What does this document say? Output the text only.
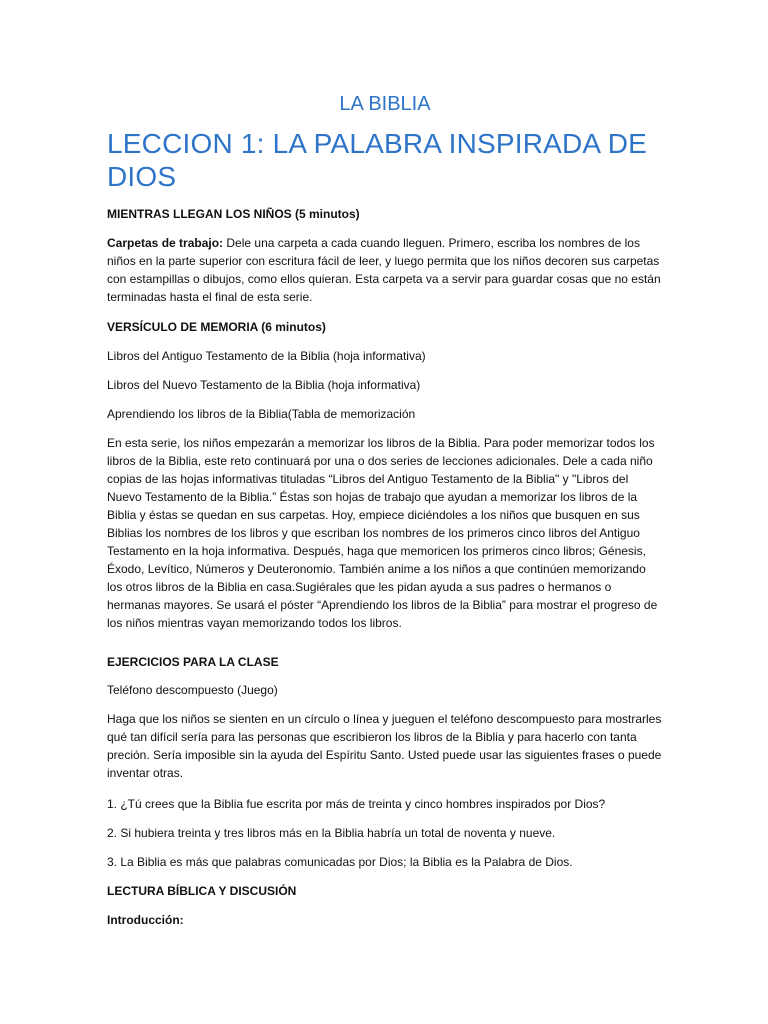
LA BIBLIA
LECCION 1: LA PALABRA INSPIRADA DE DIOS

MIENTRAS LLEGAN LOS NIÑOS (5 minutos)

Carpetas de trabajo: Dele una carpeta a cada cuando lleguen. Primero, escriba los nombres de los niños en la parte superior con escritura fácil de leer, y luego permita que los niños decoren sus carpetas con estampillas o dibujos, como ellos quieran. Esta carpeta va a servir para guardar cosas que no están terminadas hasta el final de esta serie.

VERSÍCULO DE MEMORIA (6 minutos)

Libros del Antiguo Testamento de la Biblia (hoja informativa)

Libros del Nuevo Testamento de la Biblia (hoja informativa)

Aprendiendo los libros de la Biblia(Tabla de memorización

En esta serie, los niños empezarán a memorizar los libros de la Biblia. Para poder memorizar todos los libros de la Biblia, este reto continuará por una o dos series de lecciones adicionales. Dele a cada niño copias de las hojas informativas tituladas “Libros del Antiguo Testamento de la Biblia" y "Libros del Nuevo Testamento de la Biblia.” Éstas son hojas de trabajo que ayudan a memorizar los libros de la Biblia y éstas se quedan en sus carpetas. Hoy, empiece diciéndoles a los niños que busquen en sus Biblias los nombres de los libros y que escriban los nombres de los primeros cinco libros del Antiguo Testamento en la hoja informativa. Después, haga que memoricen los primeros cinco libros; Génesis, Éxodo, Levítico, Números y Deuteronomio. También anime a los niños a que continúen memorizando los otros libros de la Biblia en casa.Sugiérales que les pidan ayuda a sus padres o hermanos o hermanas mayores. Se usará el póster “Aprendiendo los libros de la Biblia” para mostrar el progreso de los niños mientras vayan memorizando todos los libros.

EJERCICIOS PARA LA CLASE

Teléfono descompuesto (Juego)

Haga que los niños se sienten en un círculo o línea y jueguen el teléfono descompuesto para mostrarles qué tan difícil sería para las personas que escribieron los libros de la Biblia y para hacerlo con tanta preción. Sería imposible sin la ayuda del Espíritu Santo. Usted puede usar las siguientes frases o puede inventar otras.

1. ¿Tú crees que la Biblia fue escrita por más de treinta y cinco hombres inspirados por Dios?

2. Si hubiera treinta y tres libros más en la Biblia habría un total de noventa y nueve.

3. La Biblia es más que palabras comunicadas por Dios; la Biblia es la Palabra de Dios.

LECTURA BÍBLICA Y DISCUSIÓN

Introducción:
